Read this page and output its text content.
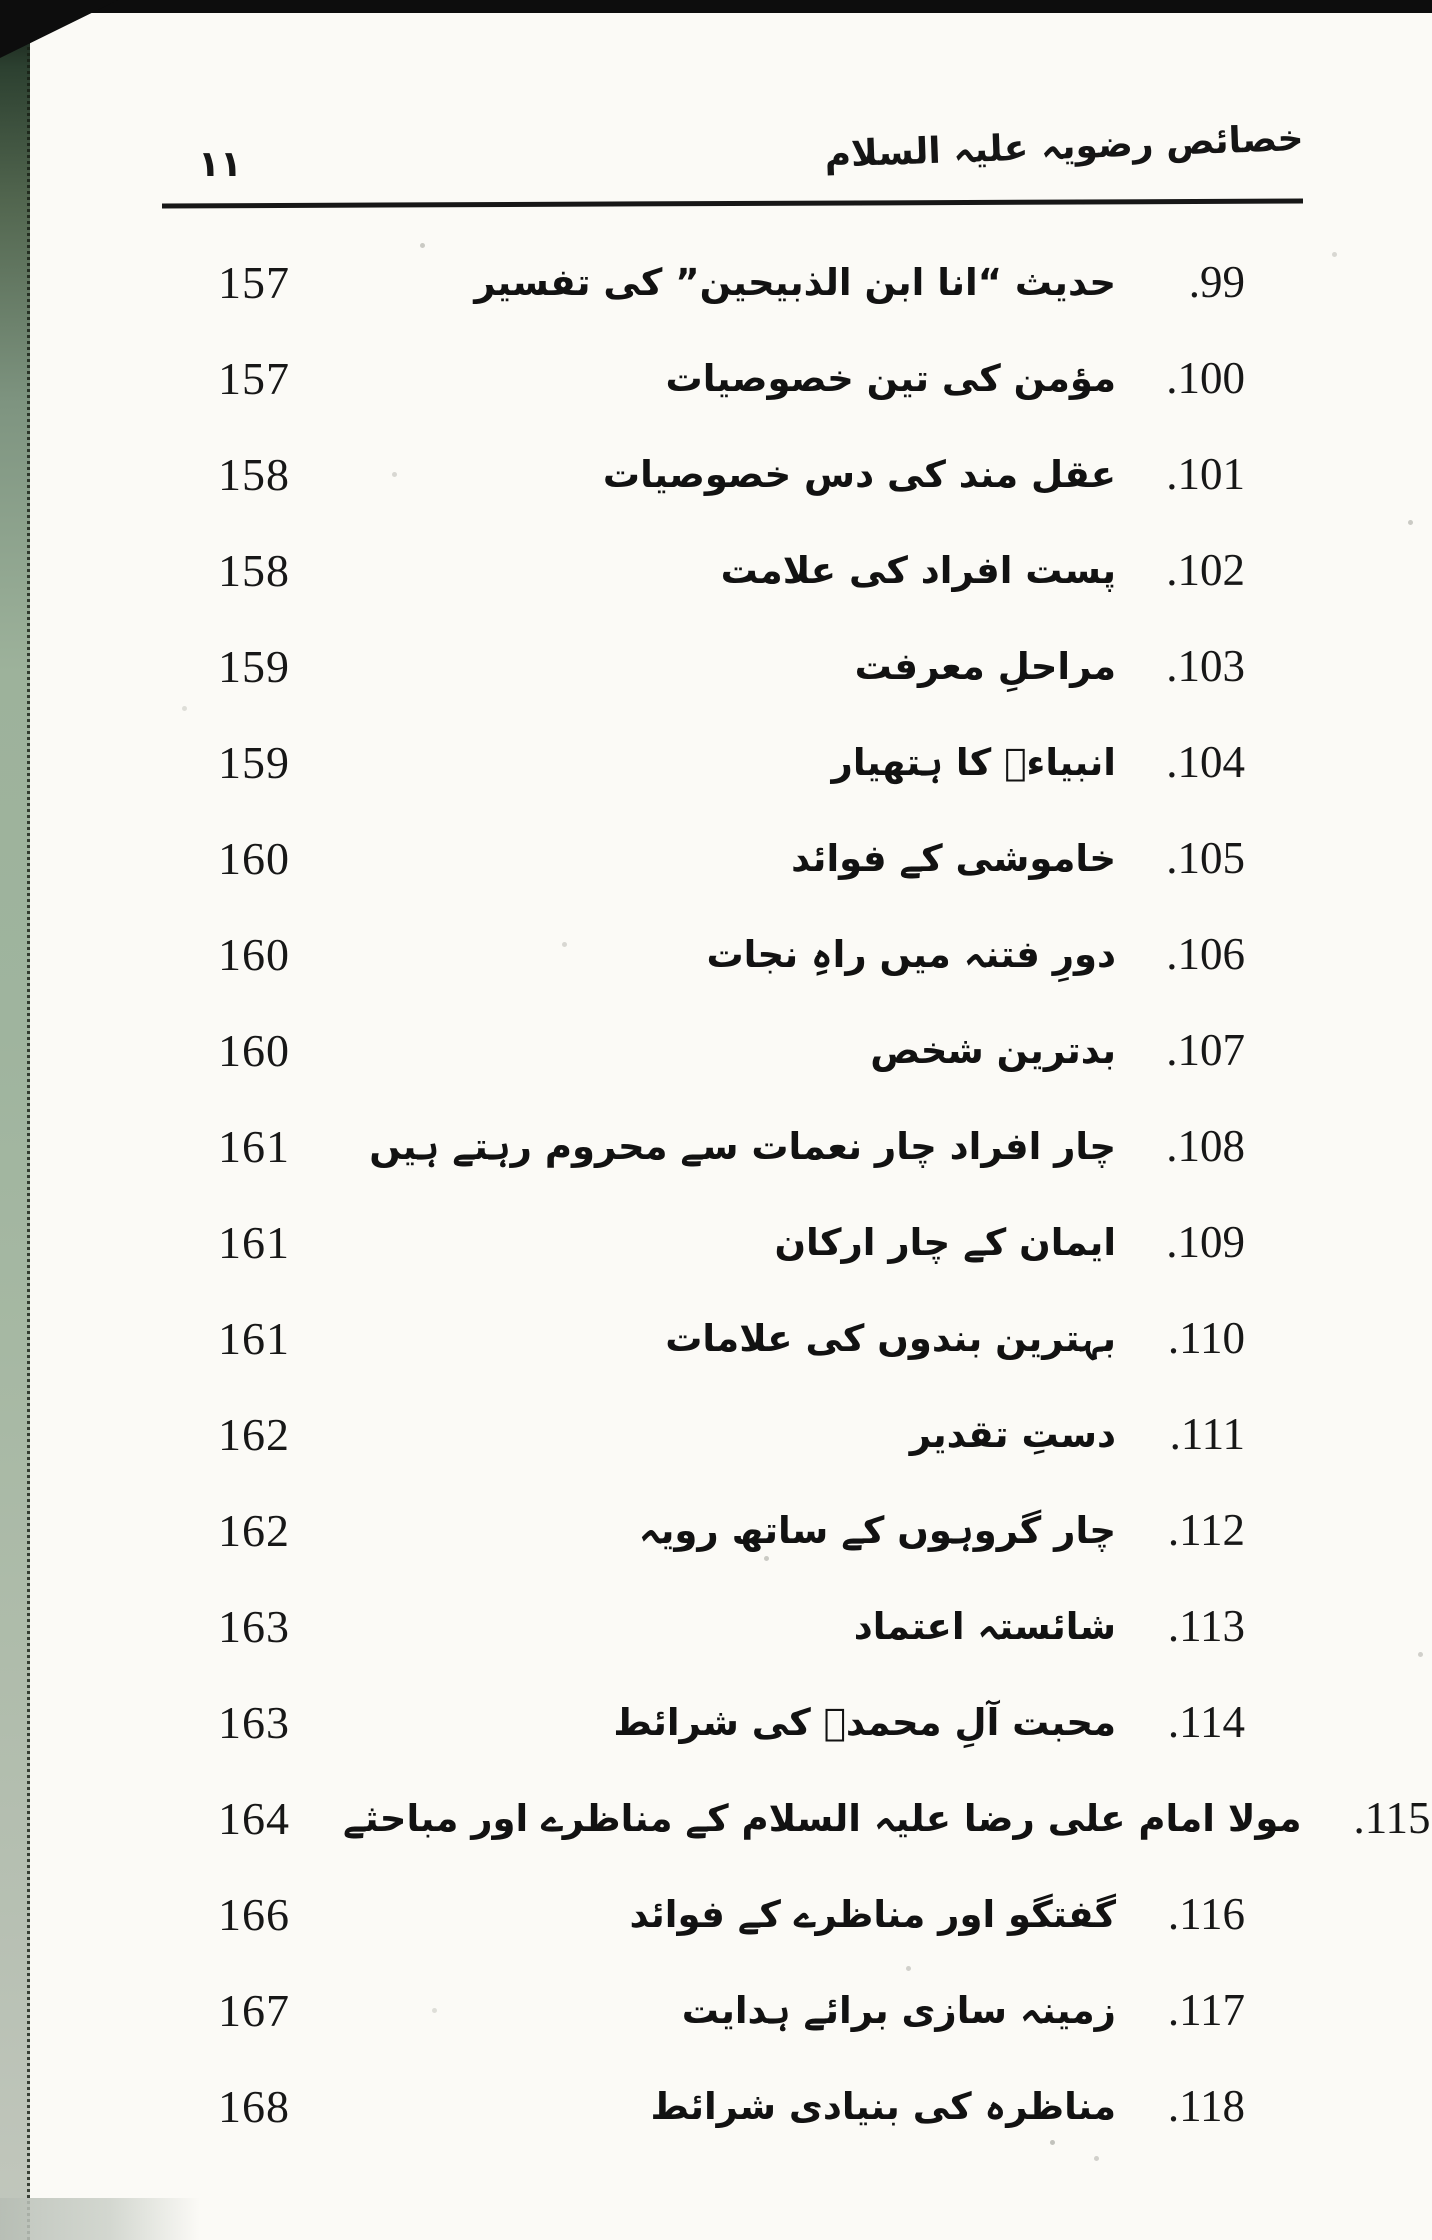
۱۱	خصائص رضویہ علیہ السلام
157	حدیث “انا ابن الذبیحین” کی تفسیر	99.
157	مؤمن کی تین خصوصیات	100.
158	عقل مند کی دس خصوصیات	101.
158	پست افراد کی علامت	102.
159	مراحلِ معرفت	103.
159	انبیاءؑ کا ہتھیار	104.
160	خاموشی کے فوائد	105.
160	دورِ فتنہ میں راہِ نجات	106.
160	بدترین شخص	107.
161	چار افراد چار نعمات سے محروم رہتے ہیں	108.
161	ایمان کے چار ارکان	109.
161	بہترین بندوں کی علامات	110.
162	دستِ تقدیر	111.
162	چار گروہوں کے ساتھ رویہ	112.
163	شائستہ اعتماد	113.
163	محبت آلِ محمدؐ کی شرائط	114.
164	مولا امام علی رضا علیہ السلام کے مناظرے اور مباحثے	115.
166	گفتگو اور مناظرے کے فوائد	116.
167	زمینہ سازی برائے ہدایت	117.
168	مناظرہ کی بنیادی شرائط	118.
